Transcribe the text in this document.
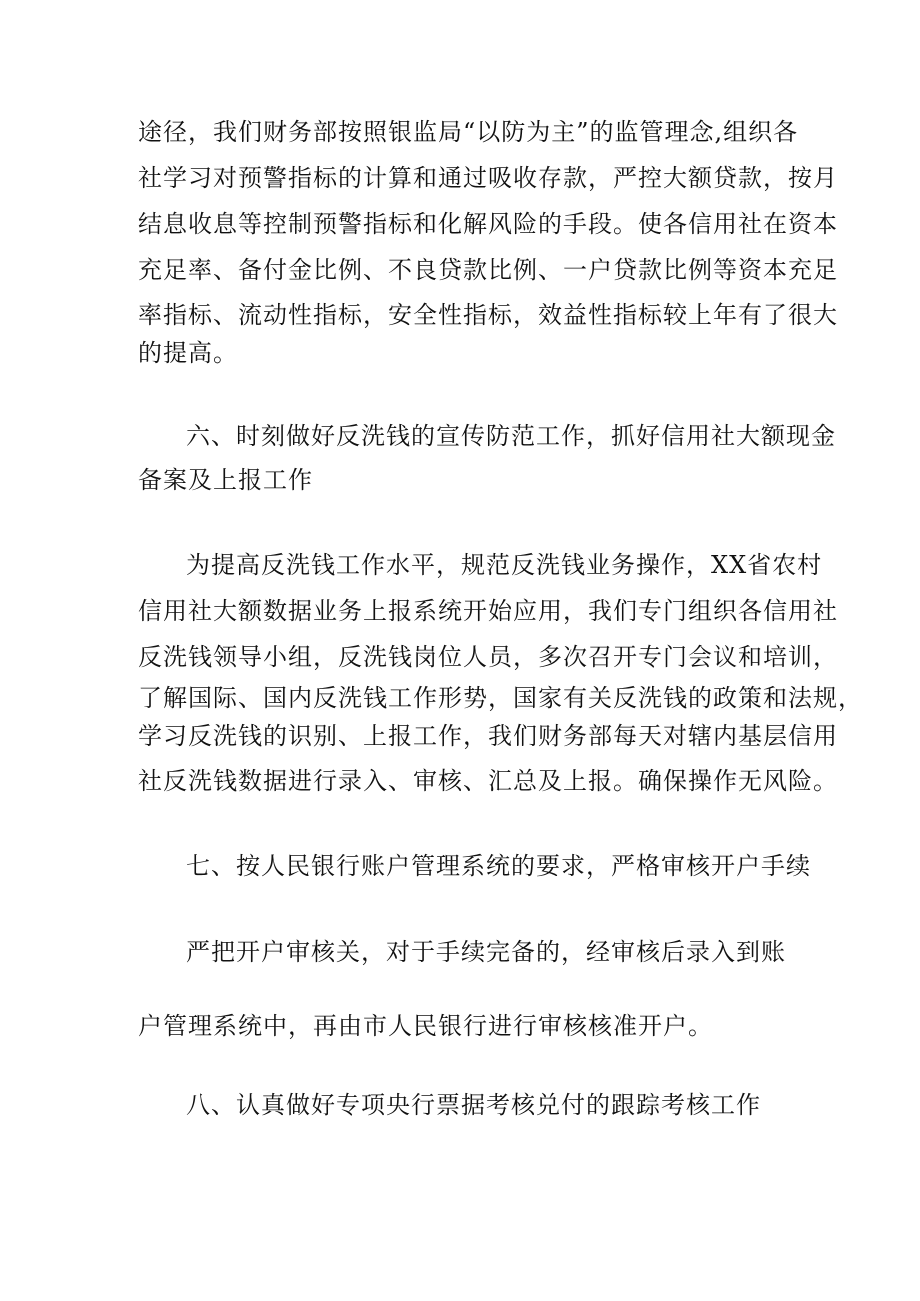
途径，我们财务部按照银监局“以防为主”的监管理念,组织各
社学习对预警指标的计算和通过吸收存款，严控大额贷款，按月
结息收息等控制预警指标和化解风险的手段。使各信用社在资本
充足率、备付金比例、不良贷款比例、一户贷款比例等资本充足
率指标、流动性指标，安全性指标，效益性指标较上年有了很大
的提高。
六、时刻做好反洗钱的宣传防范工作，抓好信用社大额现金
备案及上报工作
为提高反洗钱工作水平，规范反洗钱业务操作，XX省农村
信用社大额数据业务上报系统开始应用，我们专门组织各信用社
反洗钱领导小组，反洗钱岗位人员，多次召开专门会议和培训，
了解国际、国内反洗钱工作形势，国家有关反洗钱的政策和法规，
学习反洗钱的识别、上报工作，我们财务部每天对辖内基层信用
社反洗钱数据进行录入、审核、汇总及上报。确保操作无风险。
七、按人民银行账户管理系统的要求，严格审核开户手续
严把开户审核关，对于手续完备的，经审核后录入到账
户管理系统中，再由市人民银行进行审核核准开户。
八、认真做好专项央行票据考核兑付的跟踪考核工作
